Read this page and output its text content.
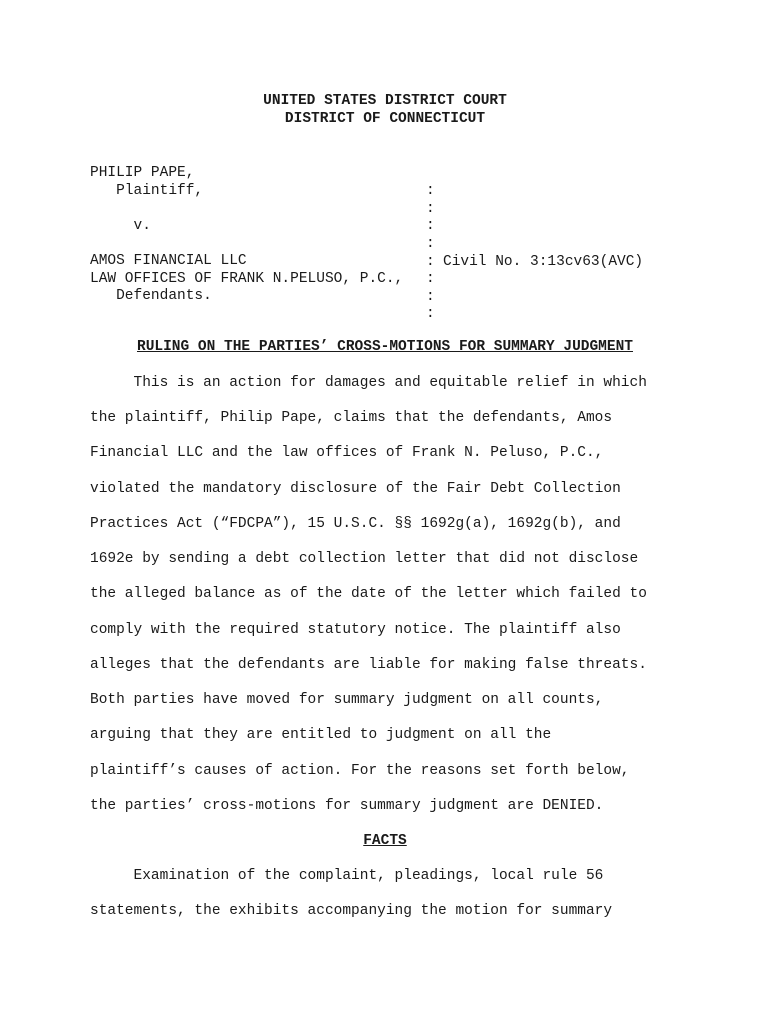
UNITED STATES DISTRICT COURT
DISTRICT OF CONNECTICUT

PHILIP PAPE,

:

Plaintiff,

:

:

v.

:

Civil No. 3:13cv63(AVC)

:

AMOS FINANCIAL LLC

:

LAW OFFICES OF FRANK N.PELUSO, P.C.,

:

Defendants.

:

RULING ON THE PARTIES’ CROSS-MOTIONS FOR SUMMARY JUDGMENT
This is an action for damages and equitable relief in which
the plaintiff, Philip Pape, claims that the defendants, Amos
Financial LLC and the law offices of Frank N. Peluso, P.C.,
violated the mandatory disclosure of the Fair Debt Collection
Practices Act (“FDCPA”), 15 U.S.C. §§ 1692g(a), 1692g(b), and
1692e by sending a debt collection letter that did not disclose
the alleged balance as of the date of the letter which failed to
comply with the required statutory notice. The plaintiff also
alleges that the defendants are liable for making false threats.
Both parties have moved for summary judgment on all counts,
arguing that they are entitled to judgment on all the
plaintiff’s causes of action. For the reasons set forth below,
the parties’ cross-motions for summary judgment are DENIED.
FACTS
Examination of the complaint, pleadings, local rule 56
statements, the exhibits accompanying the motion for summary
